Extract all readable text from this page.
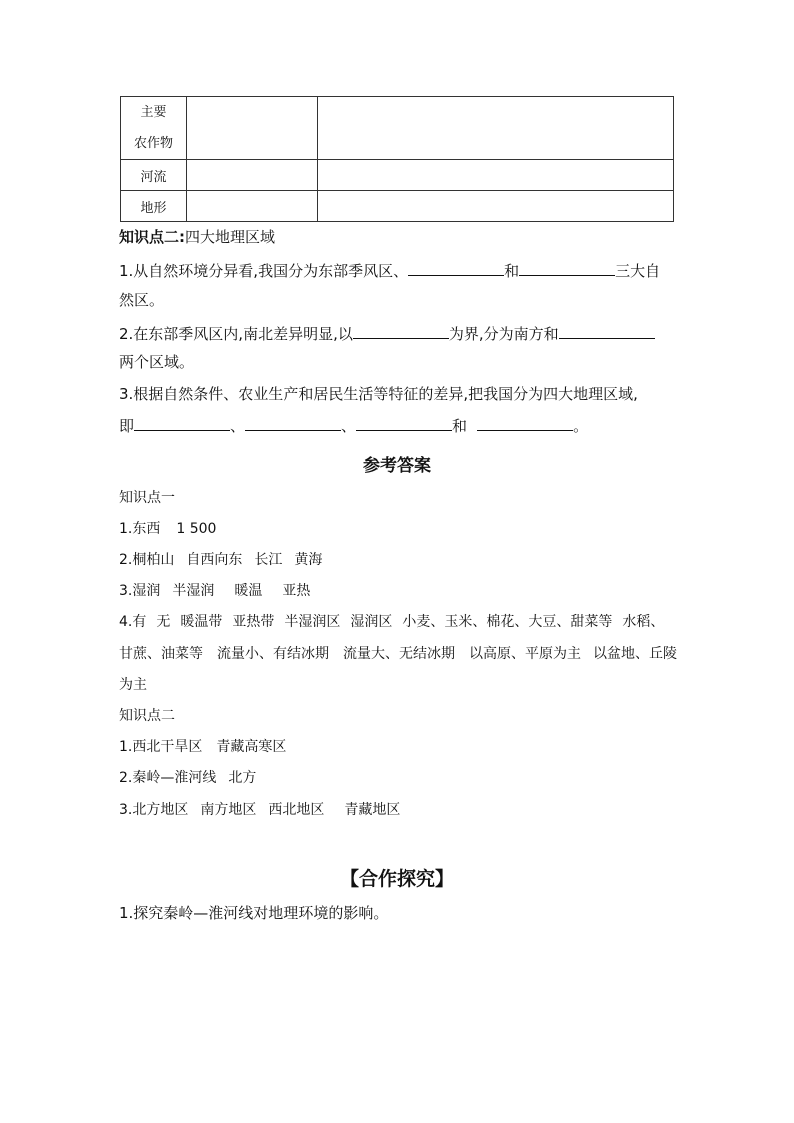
主要
农作物		

河流		
地形		
知识点二:四大地理区域
1.从自然环境分异看,我国分为东部季风区、	和	三大自
然区。
2.在东部季风区内,南北差异明显,以	为界,分为南方和
两个区域。
3.根据自然条件、农业生产和居民生活等特征的差异,把我国分为四大地理区域,
即	、	、	和	。
参考答案
知识点一
1.东西 1 500
2.桐柏山 自西向东 长江 黄海
3.湿润 半湿润 暖温 亚热
4.有 无 暖温带 亚热带 半湿润区 湿润区 小麦、玉米、棉花、大豆、甜菜等 水稻、
甘蔗、油菜等 流量小、有结冰期 流量大、无结冰期 以高原、平原为主 以盆地、丘陵
为主
知识点二
1.西北干旱区 青藏高寒区
2.秦岭—淮河线 北方
3.北方地区 南方地区 西北地区 青藏地区
【合作探究】
1.探究秦岭—淮河线对地理环境的影响。
